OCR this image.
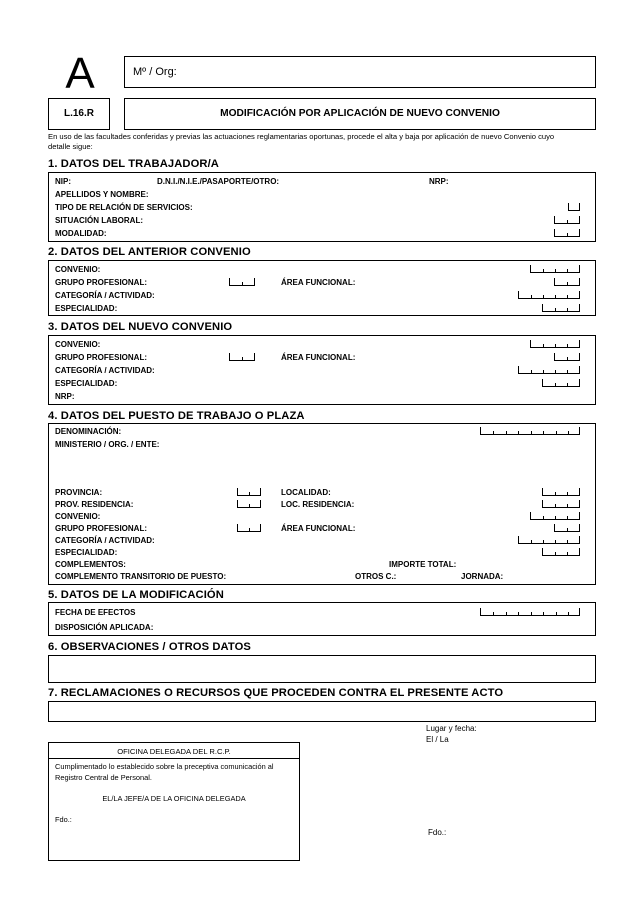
A	Mº / Org:
L.16.R	MODIFICACIÓN POR APLICACIÓN DE NUEVO CONVENIO
En uso de las facultades conferidas y previas las actuaciones reglamentarias oportunas, procede el alta y baja por aplicación de nuevo Convenio cuyo
detalle sigue:
1. DATOS DEL TRABAJADOR/A
NIP:	D.N.I./N.I.E./PASAPORTE/OTRO:	NRP:
APELLIDOS Y NOMBRE:
TIPO DE RELACIÓN DE SERVICIOS:
SITUACIÓN LABORAL:
MODALIDAD:
2. DATOS DEL ANTERIOR CONVENIO
CONVENIO:
GRUPO PROFESIONAL:	ÁREA FUNCIONAL:
CATEGORÍA / ACTIVIDAD:
ESPECIALIDAD:
3. DATOS DEL NUEVO CONVENIO
CONVENIO:
GRUPO PROFESIONAL:	ÁREA FUNCIONAL:
CATEGORÍA / ACTIVIDAD:
ESPECIALIDAD:
NRP:
4. DATOS DEL PUESTO DE TRABAJO O PLAZA
DENOMINACIÓN:
MINISTERIO / ORG. / ENTE:
PROVINCIA:	LOCALIDAD:
PROV. RESIDENCIA:	LOC. RESIDENCIA:
CONVENIO:
GRUPO PROFESIONAL:	ÁREA FUNCIONAL:
CATEGORÍA / ACTIVIDAD:
ESPECIALIDAD:
COMPLEMENTOS:	IMPORTE TOTAL:
COMPLEMENTO TRANSITORIO DE PUESTO:	OTROS C.:	JORNADA:
5. DATOS DE LA MODIFICACIÓN
FECHA DE EFECTOS
DISPOSICIÓN APLICADA:
6. OBSERVACIONES / OTROS DATOS
7. RECLAMACIONES O RECURSOS QUE PROCEDEN CONTRA EL PRESENTE ACTO
Lugar y fecha:
El / La
OFICINA DELEGADA DEL R.C.P.
Cumplimentado lo establecido sobre la preceptiva comunicación al
Registro Central de Personal.
EL/LA JEFE/A DE LA OFICINA DELEGADA
Fdo.:
Fdo.:
